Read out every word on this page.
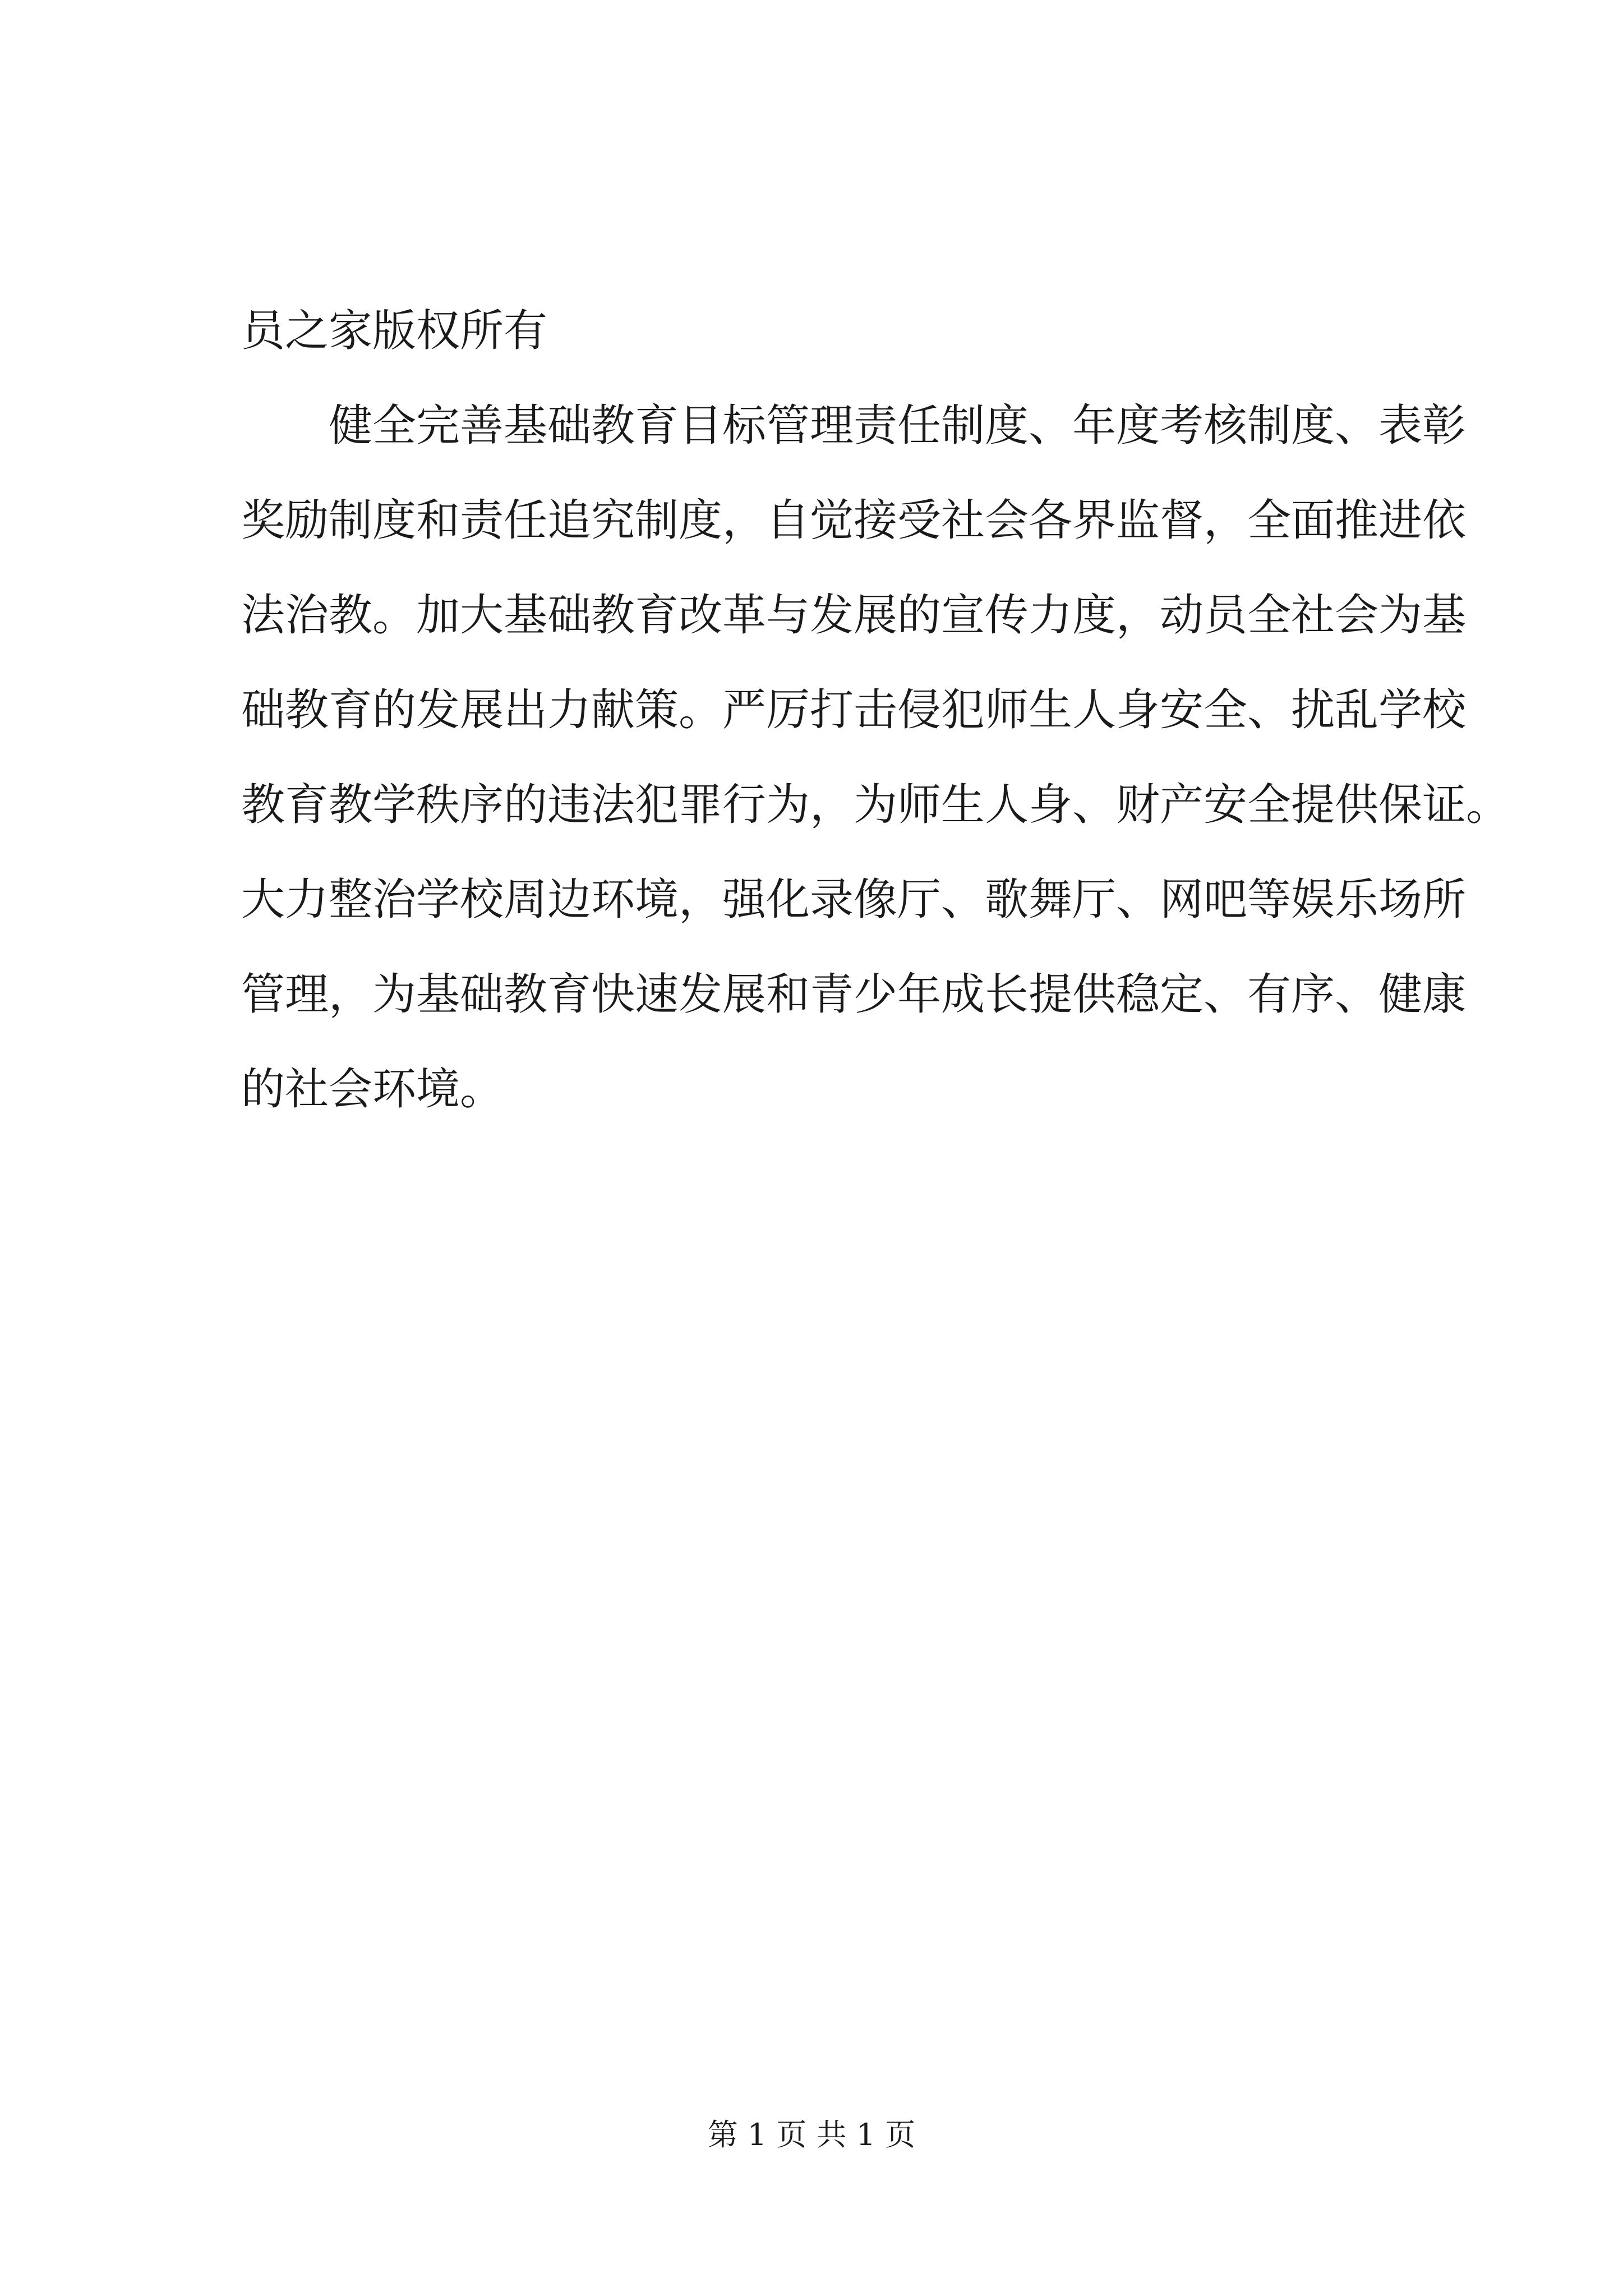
员之家版权所有
健全完善基础教育目标管理责任制度、年度考核制度、表彰
奖励制度和责任追究制度，自觉接受社会各界监督，全面推进依
法治教。加大基础教育改革与发展的宣传力度，动员全社会为基
础教育的发展出力献策。严厉打击侵犯师生人身安全、扰乱学校
教育教学秩序的违法犯罪行为，为师生人身、财产安全提供保证。
大力整治学校周边环境，强化录像厅、歌舞厅、网吧等娱乐场所
管理，为基础教育快速发展和青少年成长提供稳定、有序、健康
的社会环境。
第 1 页 共 1 页
